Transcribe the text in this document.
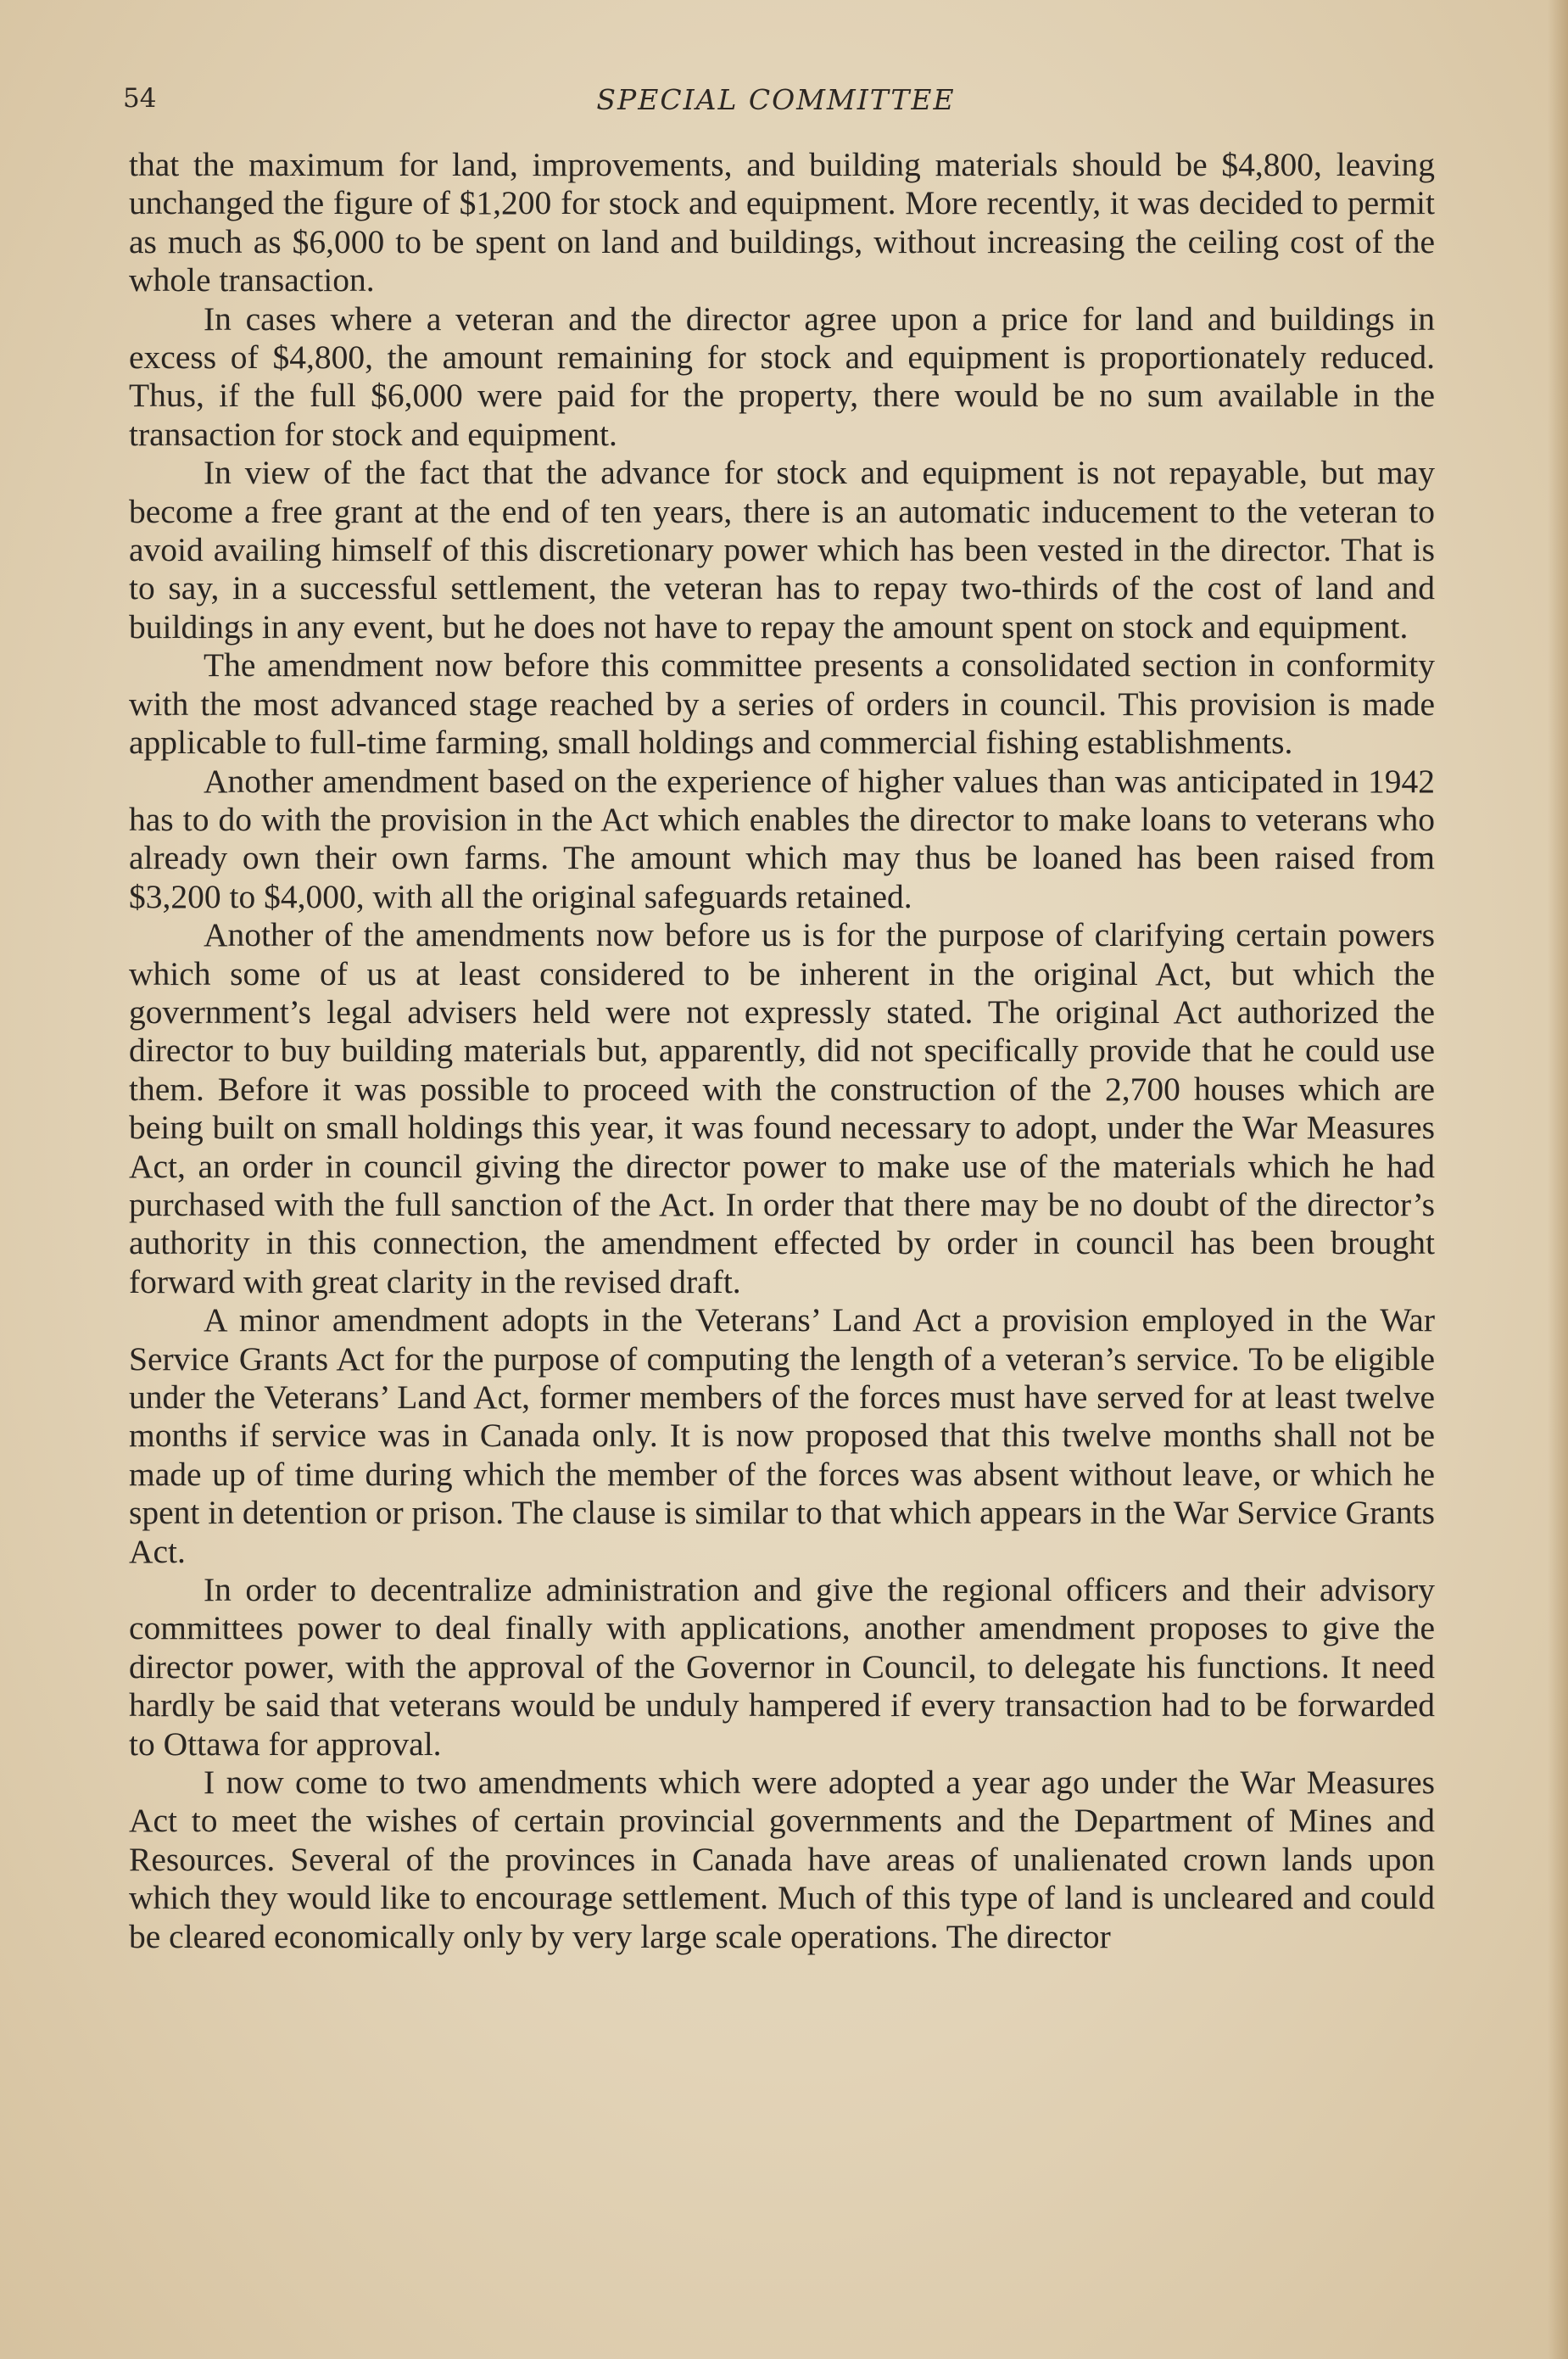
54	SPECIAL COMMITTEE

that the maximum for land, improvements, and building materials should be $4,800, leaving unchanged the figure of $1,200 for stock and equipment. More recently, it was decided to permit as much as $6,000 to be spent on land and buildings, without increasing the ceiling cost of the whole transaction.

In cases where a veteran and the director agree upon a price for land and buildings in excess of $4,800, the amount remaining for stock and equipment is proportionately reduced. Thus, if the full $6,000 were paid for the property, there would be no sum available in the transaction for stock and equipment.

In view of the fact that the advance for stock and equipment is not repayable, but may become a free grant at the end of ten years, there is an automatic inducement to the veteran to avoid availing himself of this discretionary power which has been vested in the director. That is to say, in a successful settlement, the veteran has to repay two-thirds of the cost of land and buildings in any event, but he does not have to repay the amount spent on stock and equipment.

The amendment now before this committee presents a consolidated section in conformity with the most advanced stage reached by a series of orders in council. This provision is made applicable to full-time farming, small holdings and commercial fishing establishments.

Another amendment based on the experience of higher values than was anticipated in 1942 has to do with the provision in the Act which enables the director to make loans to veterans who already own their own farms. The amount which may thus be loaned has been raised from $3,200 to $4,000, with all the original safeguards retained.

Another of the amendments now before us is for the purpose of clarifying certain powers which some of us at least considered to be inherent in the original Act, but which the government’s legal advisers held were not expressly stated. The original Act authorized the director to buy building materials but, apparently, did not specifically provide that he could use them. Before it was possible to proceed with the construction of the 2,700 houses which are being built on small holdings this year, it was found necessary to adopt, under the War Measures Act, an order in council giving the director power to make use of the materials which he had purchased with the full sanction of the Act. In order that there may be no doubt of the director’s authority in this connection, the amendment effected by order in council has been brought forward with great clarity in the revised draft.

A minor amendment adopts in the Veterans’ Land Act a provision employed in the War Service Grants Act for the purpose of computing the length of a veteran’s service. To be eligible under the Veterans’ Land Act, former members of the forces must have served for at least twelve months if service was in Canada only. It is now proposed that this twelve months shall not be made up of time during which the member of the forces was absent without leave, or which he spent in detention or prison. The clause is similar to that which appears in the War Service Grants Act.

In order to decentralize administration and give the regional officers and their advisory committees power to deal finally with applications, another amendment proposes to give the director power, with the approval of the Governor in Council, to delegate his functions. It need hardly be said that veterans would be unduly hampered if every transaction had to be forwarded to Ottawa for approval.

I now come to two amendments which were adopted a year ago under the War Measures Act to meet the wishes of certain provincial governments and the Department of Mines and Resources. Several of the provinces in Canada have areas of unalienated crown lands upon which they would like to encourage settlement. Much of this type of land is uncleared and could be cleared economically only by very large scale operations. The director
